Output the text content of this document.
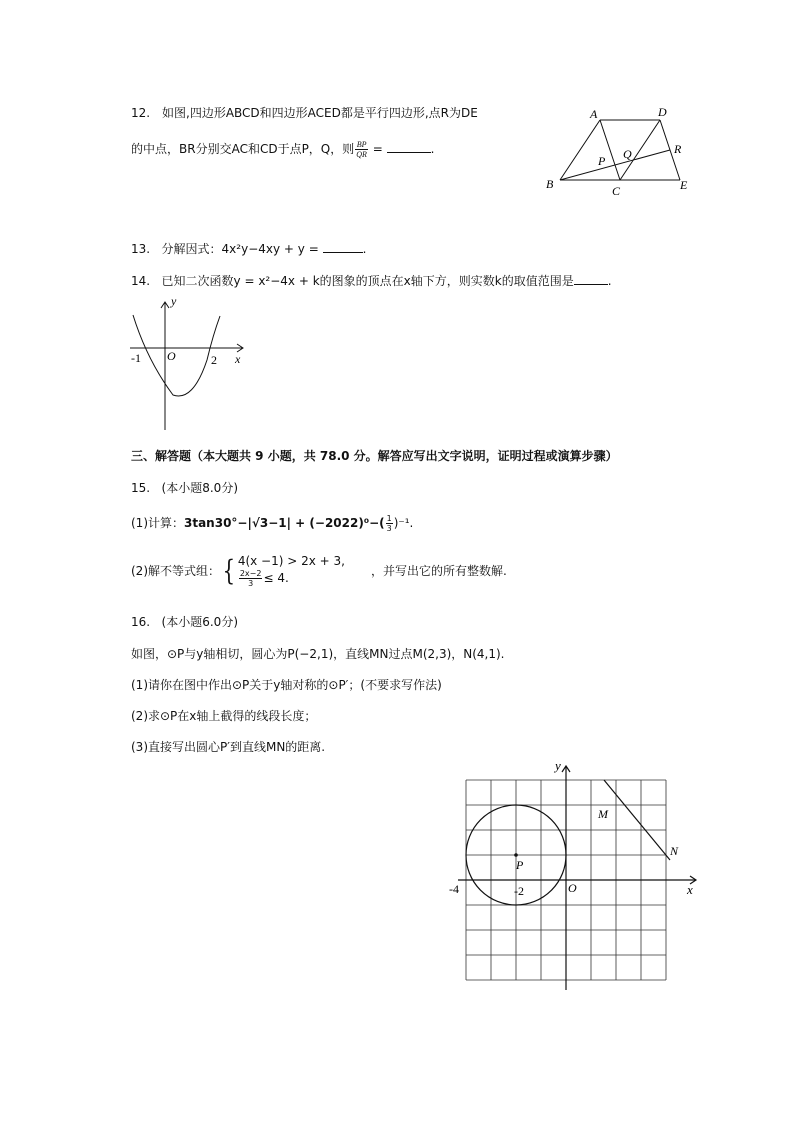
12. 如图,四边形ABCD和四边形ACED都是平行四边形,点R为DE
的中点，BR分别交AC和CD于点P，Q，则 $\frac{BP}{QR}$ =	.
A	D
B	C	E
P Q	R
13. 分解因式：4x²y−4xy + y =	.
14. 已知二次函数y = x²−4x + k的图象的顶点在x轴下方，则实数k的取值范围是	.
y
x
O
-1	2
三、解答题（本大题共 9 小题，共 78.0 分。解答应写出文字说明，证明过程或演算步骤）
15. (本小题8.0分)
(1)计算：$3\tan 30^\circ-|√3-1| + (-2022)^0-( \frac{1}{3} )^{-1}$.
(2)解不等式组：{ 4(x −1) > 2x + 3,
$\frac{2x-2}{3} \le 4$.	，并写出它的所有整数解.
16. (本小题6.0分)
如图，⊙P与y轴相切，圆心为P(−2,1)，直线MN过点M(2,3)，N(4,1).
(1)请你在图中作出⊙P关于y轴对称的⊙P′；(不要求写作法)
(2)求⊙P在x轴上截得的线段长度；
(3)直接写出圆心P′到直线MN的距离.
y
x
O
-4	-2
P
M
N
